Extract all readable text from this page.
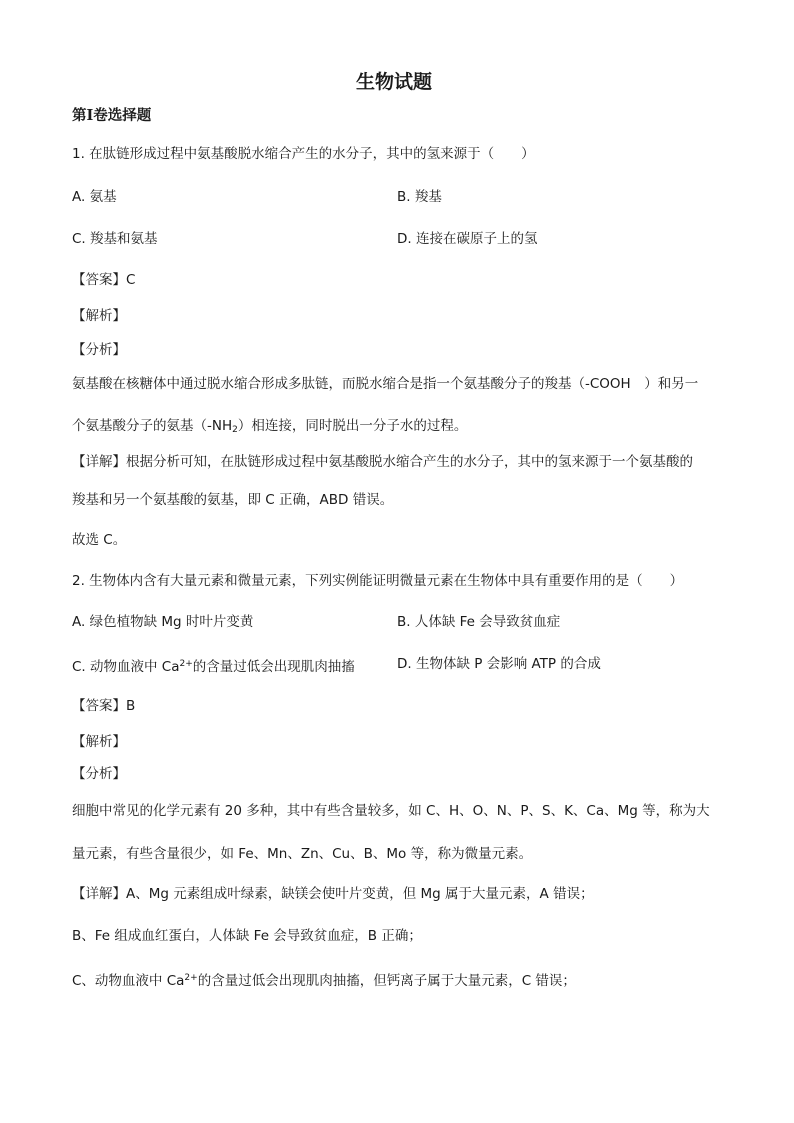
生物试题
第Ⅰ卷选择题
1. 在肽链形成过程中氨基酸脱水缩合产生的水分子，其中的氢来源于（　　）
A. 氨基	B. 羧基
C. 羧基和氨基	D. 连接在碳原子上的氢
【答案】C
【解析】
【分析】
氨基酸在核糖体中通过脱水缩合形成多肽链，而脱水缩合是指一个氨基酸分子的羧基（-COOH　）和另一
个氨基酸分子的氨基$(-NH_2)$相连接，同时脱出一分子水的过程。
【详解】根据分析可知，在肽链形成过程中氨基酸脱水缩合产生的水分子，其中的氢来源于一个氨基酸的
羧基和另一个氨基酸的氨基，即 C 正确，ABD 错误。
故选 C。
2. 生物体内含有大量元素和微量元素，下列实例能证明微量元素在生物体中具有重要作用的是（　　）
A. 绿色植物缺 Mg 时叶片变黄	B. 人体缺 Fe 会导致贫血症
C. 动物血液中 $Ca^{2+}$的含量过低会出现肌肉抽搐	D. 生物体缺 P 会影响 ATP 的合成
【答案】B
【解析】
【分析】
细胞中常见的化学元素有 20 多种，其中有些含量较多，如 C、H、O、N、P、S、K、Ca、Mg 等，称为大
量元素，有些含量很少，如 Fe、Mn、Zn、Cu、B、Mo 等，称为微量元素。
【详解】A、Mg 元素组成叶绿素，缺镁会使叶片变黄，但 Mg 属于大量元素，A 错误；
B、Fe 组成血红蛋白，人体缺 Fe 会导致贫血症，B 正确；
C、动物血液中 $Ca^{2+}$的含量过低会出现肌肉抽搐，但钙离子属于大量元素，C 错误；
